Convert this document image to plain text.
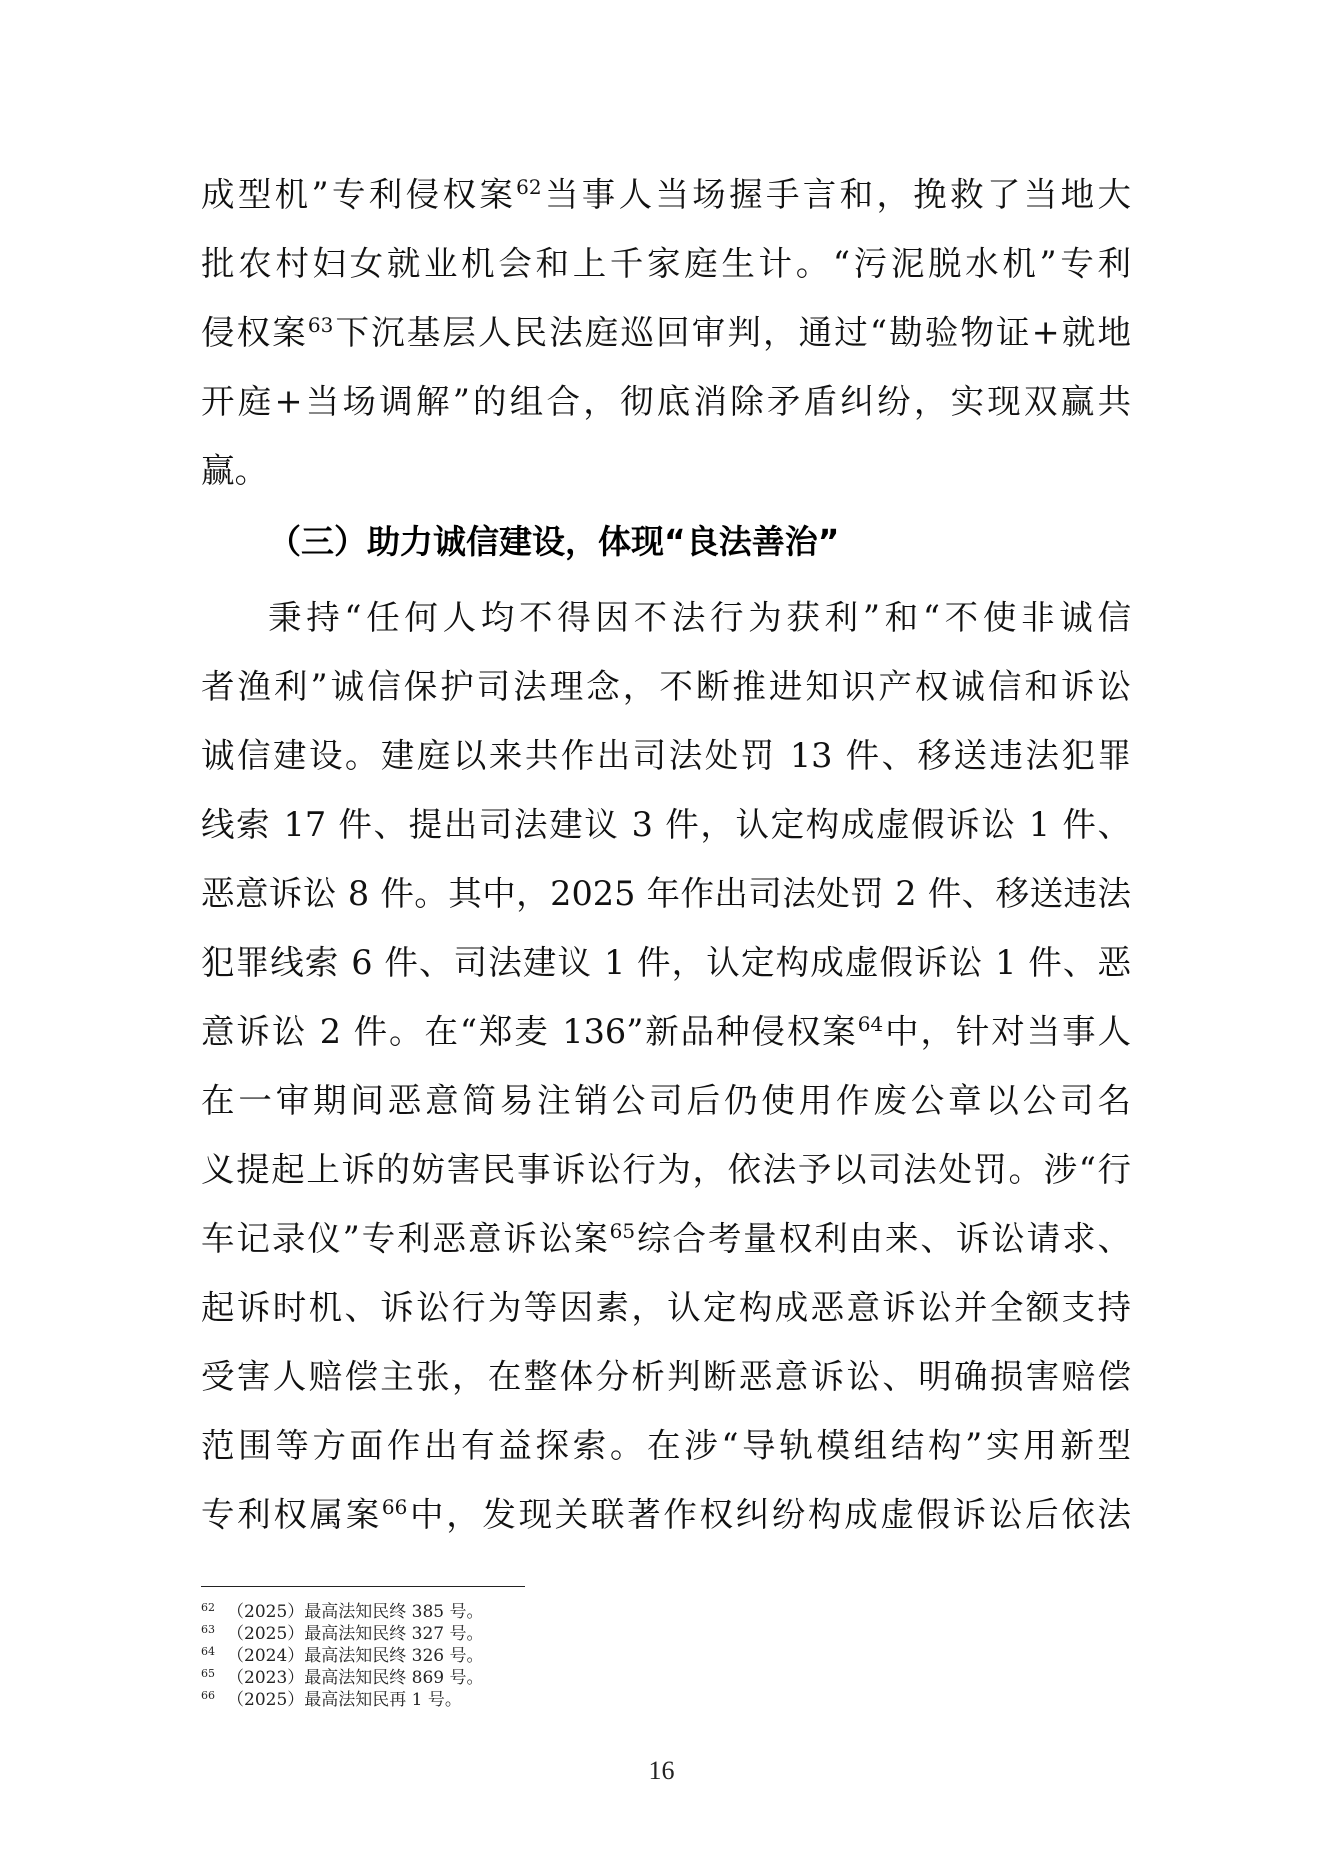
成型机”专利侵权案$^{62}$当事人当场握手言和，挽救了当地大
批农村妇女就业机会和上千家庭生计。“污泥脱水机”专利
侵权案$^{63}$下沉基层人民法庭巡回审判，通过“勘验物证+就地
开庭+当场调解”的组合，彻底消除矛盾纠纷，实现双赢共
赢。
（三）助力诚信建设，体现“良法善治”
秉持“任何人均不得因不法行为获利”和“不使非诚信
者渔利”诚信保护司法理念，不断推进知识产权诚信和诉讼
诚信建设。建庭以来共作出司法处罚 13 件、移送违法犯罪
线索 17 件、提出司法建议 3 件，认定构成虚假诉讼 1 件、
恶意诉讼 8 件。其中，2025 年作出司法处罚 2 件、移送违法
犯罪线索 6 件、司法建议 1 件，认定构成虚假诉讼 1 件、恶
意诉讼 2 件。在“郑麦 136”新品种侵权案$^{64}$中，针对当事人
在一审期间恶意简易注销公司后仍使用作废公章以公司名
义提起上诉的妨害民事诉讼行为，依法予以司法处罚。涉“行
车记录仪”专利恶意诉讼案$^{65}$综合考量权利由来、诉讼请求、
起诉时机、诉讼行为等因素，认定构成恶意诉讼并全额支持
受害人赔偿主张，在整体分析判断恶意诉讼、明确损害赔偿
范围等方面作出有益探索。在涉“导轨模组结构”实用新型
专利权属案$^{66}$中，发现关联著作权纠纷构成虚假诉讼后依法
62 （2025）最高法知民终 385 号。
63 （2025）最高法知民终 327 号。
64 （2024）最高法知民终 326 号。
65 （2023）最高法知民终 869 号。
66 （2025）最高法知民再 1 号。
16
